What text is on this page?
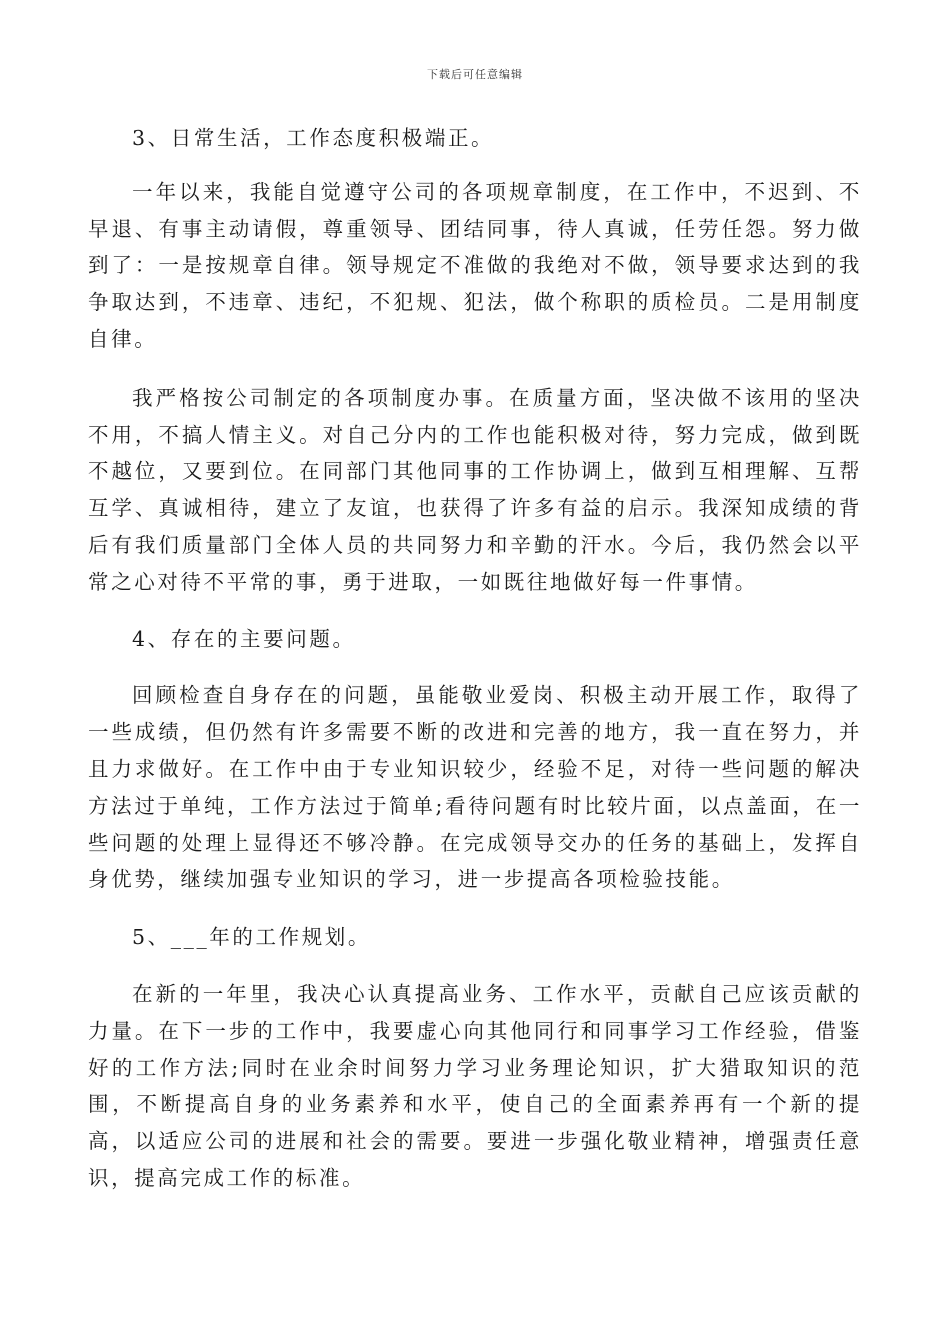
下载后可任意编辑

3、日常生活，工作态度积极端正。

一年以来，我能自觉遵守公司的各项规章制度，在工作中，不迟到、不早退、有事主动请假，尊重领导、团结同事，待人真诚，任劳任怨。努力做到了：一是按规章自律。领导规定不准做的我绝对不做，领导要求达到的我争取达到，不违章、违纪，不犯规、犯法，做个称职的质检员。二是用制度自律。

我严格按公司制定的各项制度办事。在质量方面，坚决做不该用的坚决不用，不搞人情主义。对自己分内的工作也能积极对待，努力完成，做到既不越位，又要到位。在同部门其他同事的工作协调上，做到互相理解、互帮互学、真诚相待，建立了友谊，也获得了许多有益的启示。我深知成绩的背后有我们质量部门全体人员的共同努力和辛勤的汗水。今后，我仍然会以平常之心对待不平常的事，勇于进取，一如既往地做好每一件事情。

4、存在的主要问题。

回顾检查自身存在的问题，虽能敬业爱岗、积极主动开展工作，取得了一些成绩，但仍然有许多需要不断的改进和完善的地方，我一直在努力，并且力求做好。在工作中由于专业知识较少，经验不足，对待一些问题的解决方法过于单纯，工作方法过于简单;看待问题有时比较片面，以点盖面，在一些问题的处理上显得还不够冷静。在完成领导交办的任务的基础上，发挥自身优势，继续加强专业知识的学习，进一步提高各项检验技能。

5、___年的工作规划。

在新的一年里，我决心认真提高业务、工作水平，贡献自己应该贡献的力量。在下一步的工作中，我要虚心向其他同行和同事学习工作经验，借鉴好的工作方法;同时在业余时间努力学习业务理论知识，扩大猎取知识的范围，不断提高自身的业务素养和水平，使自己的全面素养再有一个新的提高，以适应公司的进展和社会的需要。要进一步强化敬业精神，增强责任意识，提高完成工作的标准。
